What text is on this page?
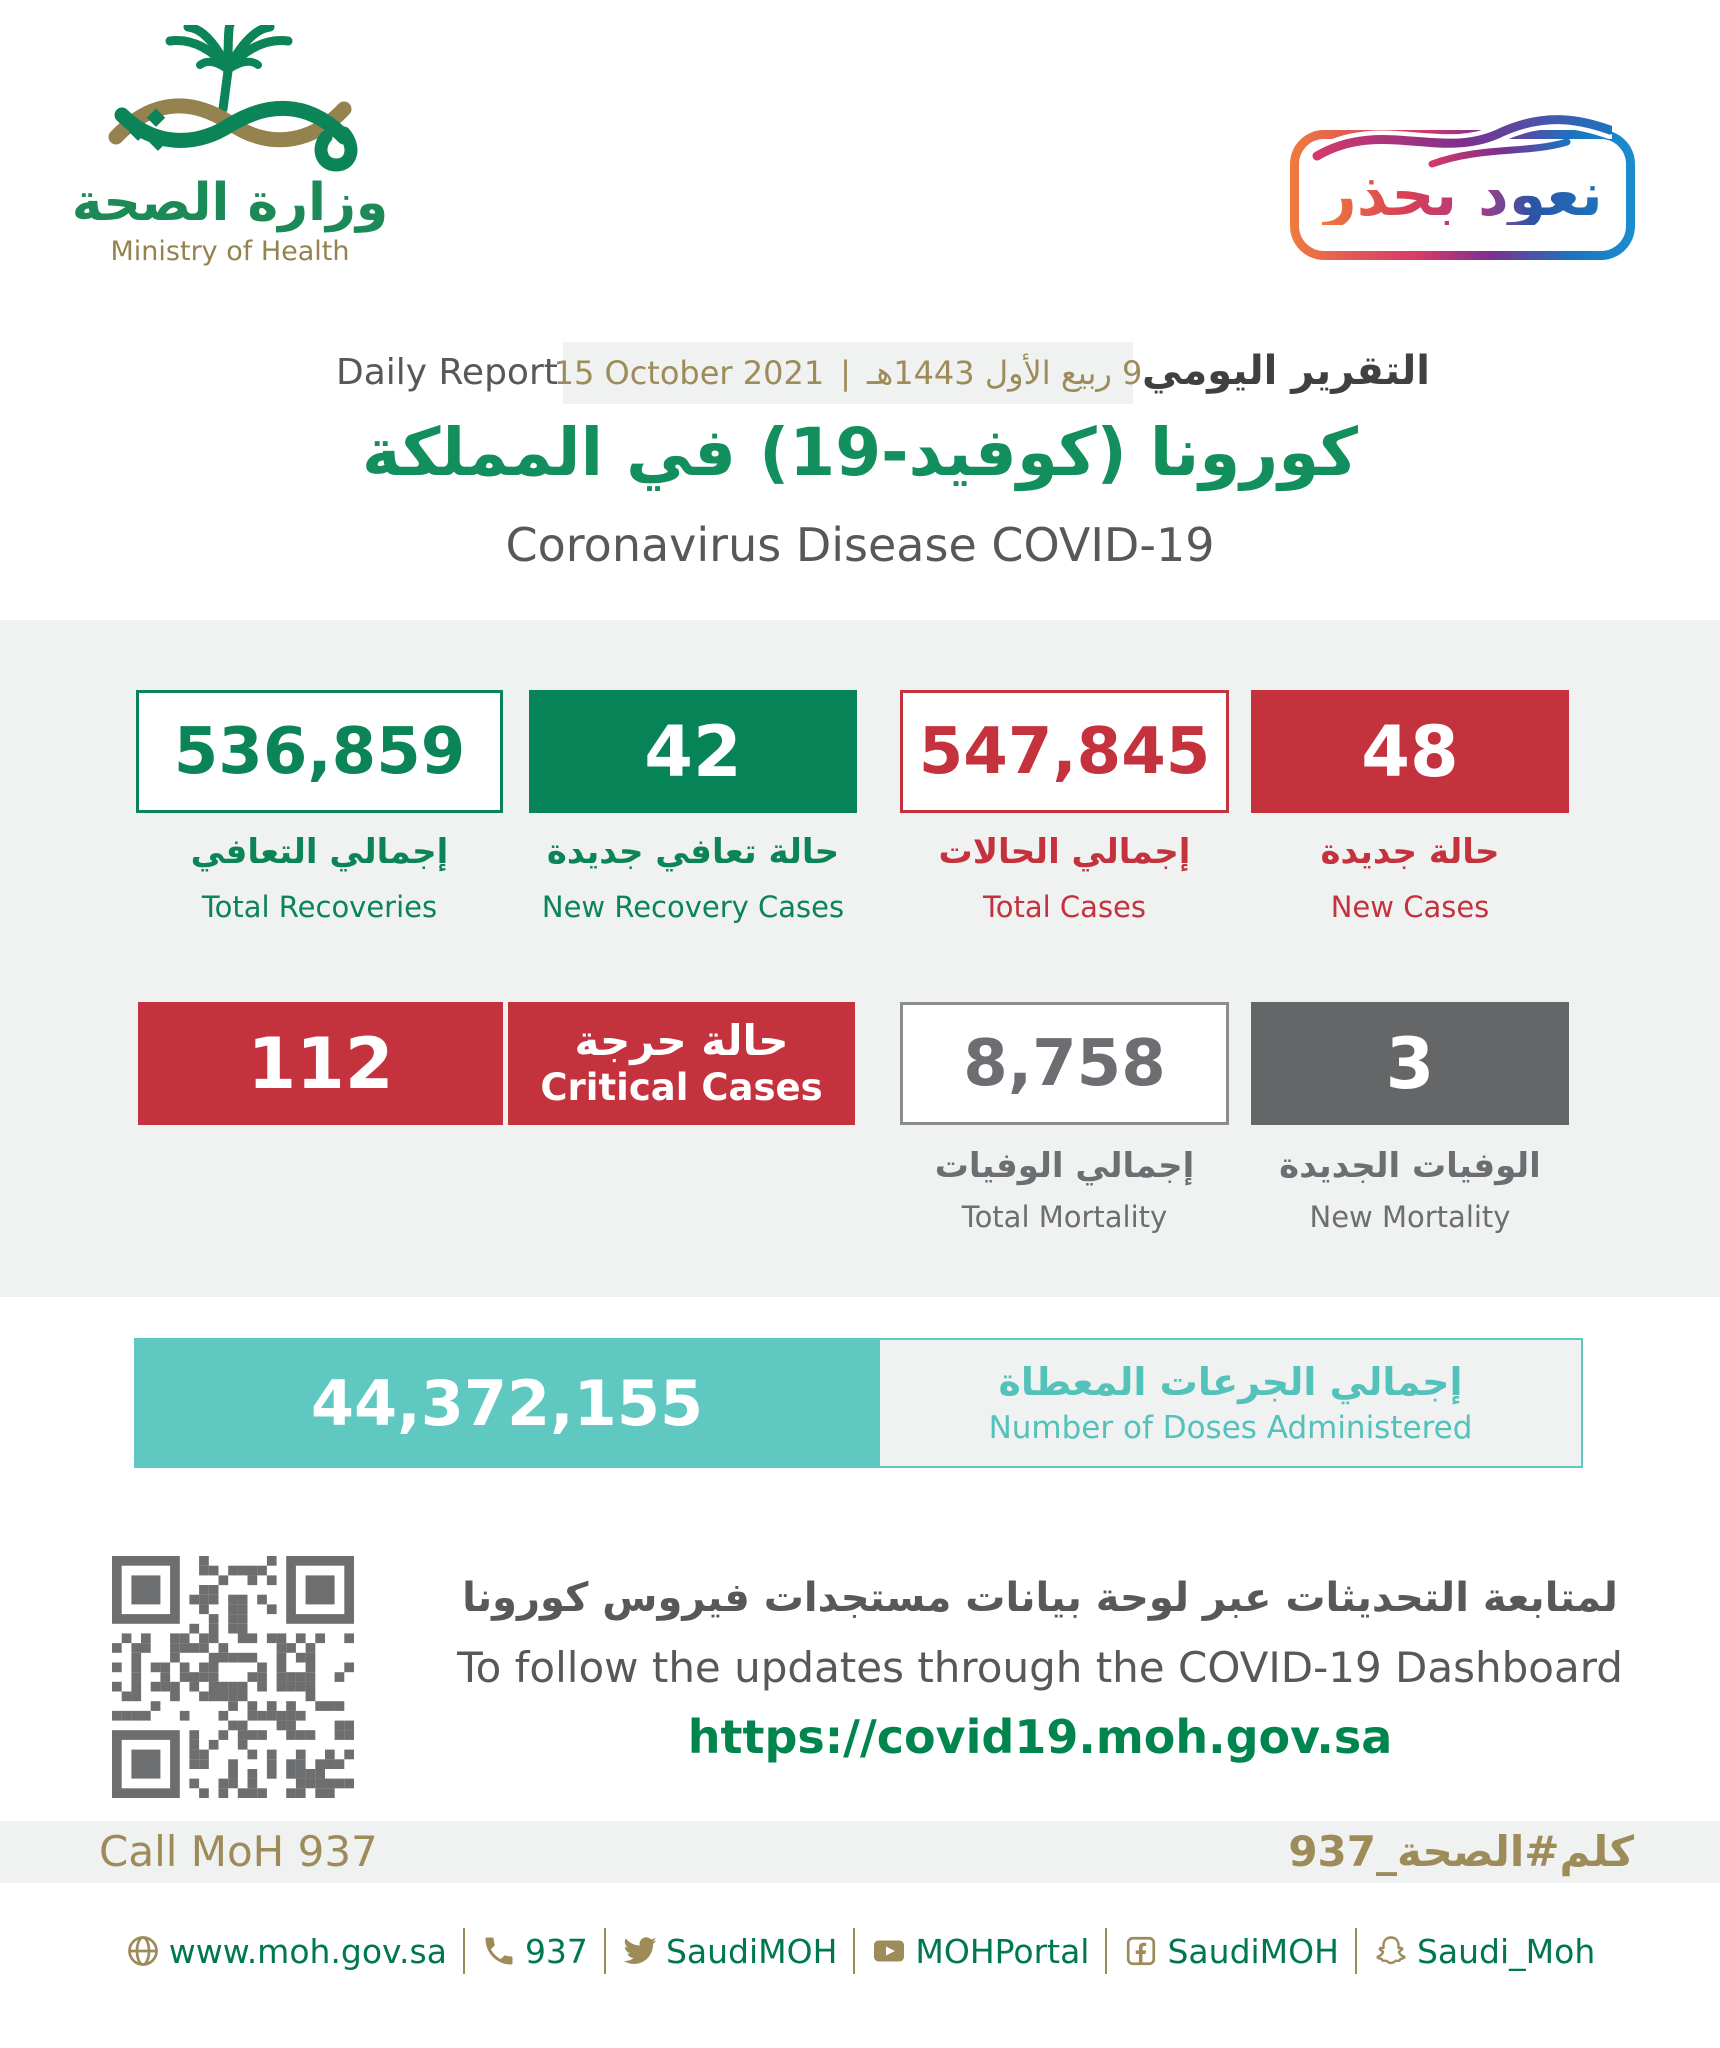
وزارة الصحة
Ministry of Health
نعود بحذر
Daily Report
15 October 2021 | 9 ربيع الأول 1443هـ التقرير اليومي
كورونا (كوفيد-19) في المملكة
Coronavirus Disease COVID-19
536,859
إجمالي التعافي
Total Recoveries
42
حالة تعافي جديدة
New Recovery Cases
547,845
إجمالي الحالات
Total Cases
48
حالة جديدة
New Cases
112	حالة حرجة
Critical Cases 8,758
إجمالي الوفيات
Total Mortality
3
الوفيات الجديدة
New Mortality
44,372,155	إجمالي الجرعات المعطاة
Number of Doses Administered
لمتابعة التحديثات عبر لوحة بيانات مستجدات فيروس كورونا
To follow the updates through the COVID-19 Dashboard
https://covid19.moh.gov.sa
Call MoH 937	كلم#الصحة_937
www.moh.gov.sa 937 SaudiMOH MOHPortal SaudiMOH Saudi_Moh
